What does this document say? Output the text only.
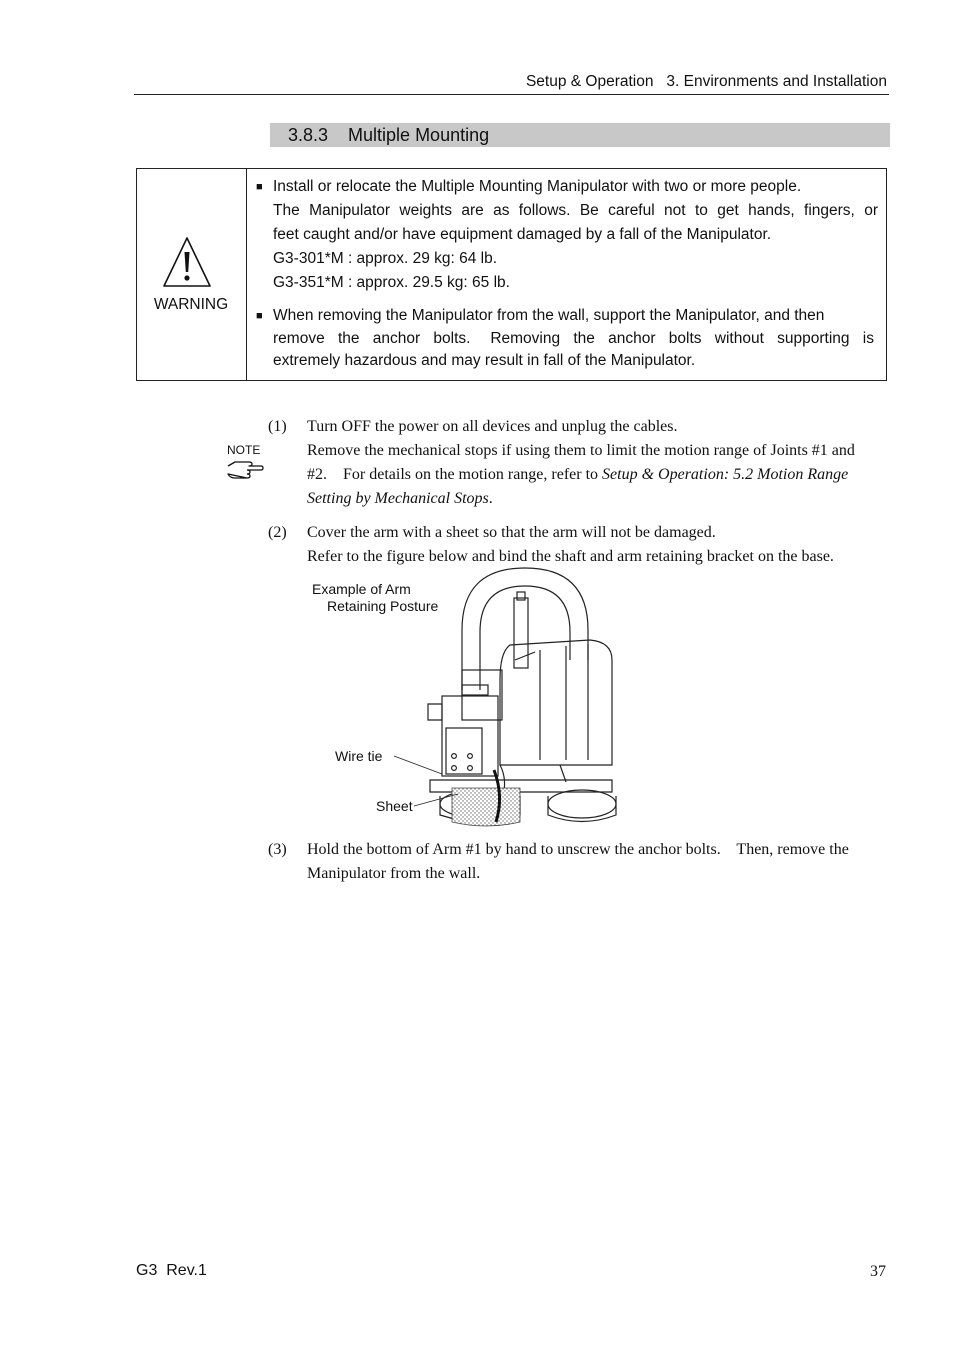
Setup & Operation   3. Environments and Installation
3.8.3    Multiple Mounting
WARNING
■ Install or relocate the Multiple Mounting Manipulator with two or more people.
The Manipulator weights are as follows. Be careful not to get hands, fingers, or
feet caught and/or have equipment damaged by a fall of the Manipulator.
G3-301*M : approx. 29 kg: 64 lb.
G3-351*M : approx. 29.5 kg: 65 lb.
■ When removing the Manipulator from the wall, support the Manipulator, and then
remove  the  anchor  bolts.   Removing  the  anchor  bolts  without  supporting  is
extremely hazardous and may result in fall of the Manipulator.
NOTE
(1) Turn OFF the power on all devices and unplug the cables.
Remove the mechanical stops if using them to limit the motion range of Joints #1 and
#2.    For details on the motion range, refer to Setup & Operation: 5.2 Motion Range
Setting by Mechanical Stops.
(2) Cover the arm with a sheet so that the arm will not be damaged.
Refer to the figure below and bind the shaft and arm retaining bracket on the base.
Example of Arm
Retaining Posture
Wire tie
Sheet
(3) Hold the bottom of Arm #1 by hand to unscrew the anchor bolts.    Then, remove the
Manipulator from the wall.
G3  Rev.1	37
